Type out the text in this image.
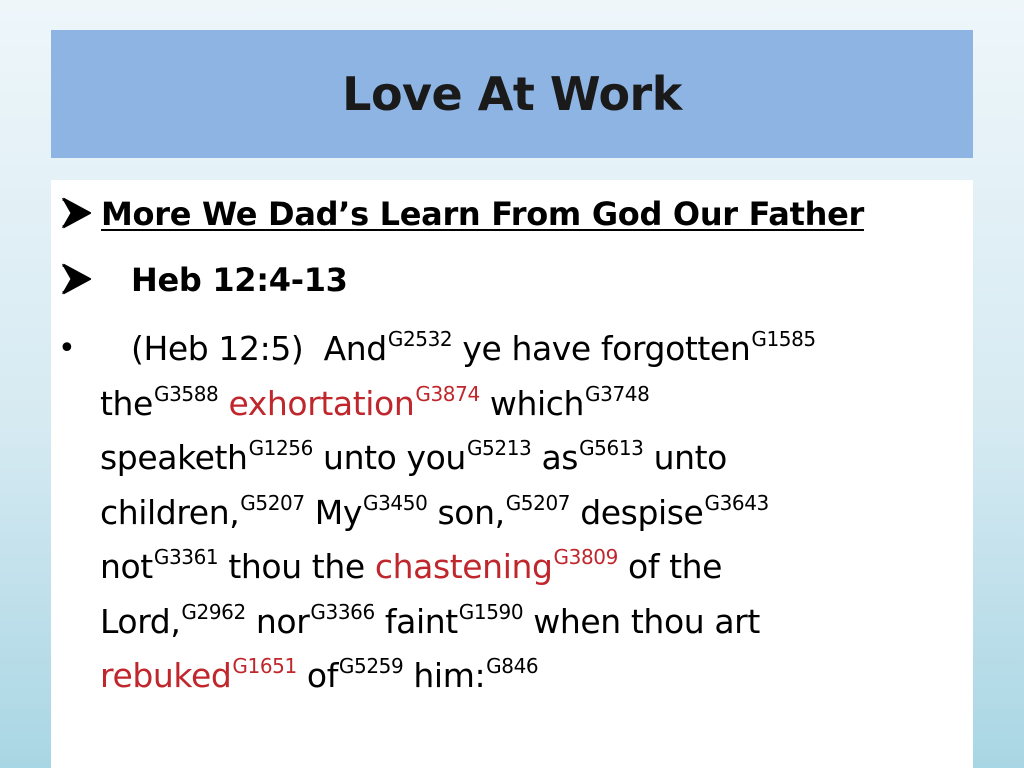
Love At Work
More We Dad’s Learn From God Our Father
Heb 12:4-13
•	(Heb 12:5)  And$^{G2532}$ ye have forgotten$^{G1585}$
the$^{G3588}$ exhortation$^{G3874}$ which$^{G3748}$
speaketh$^{G1256}$ unto you$^{G5213}$ $as^{G5613}$ unto
children,$^{G5207}$ $My^{G3450}$ son,$^{G5207}$ despise$^{G3643}$
not$^{G3361}$ thou the chastening$^{G3809}$ of the
Lord,$^{G2962}$ nor$^{G3366}$ faint$^{G1590}$ when thou art
rebuked$^{G1651}$ $of^{G5259}$ him:$^{G846}$
